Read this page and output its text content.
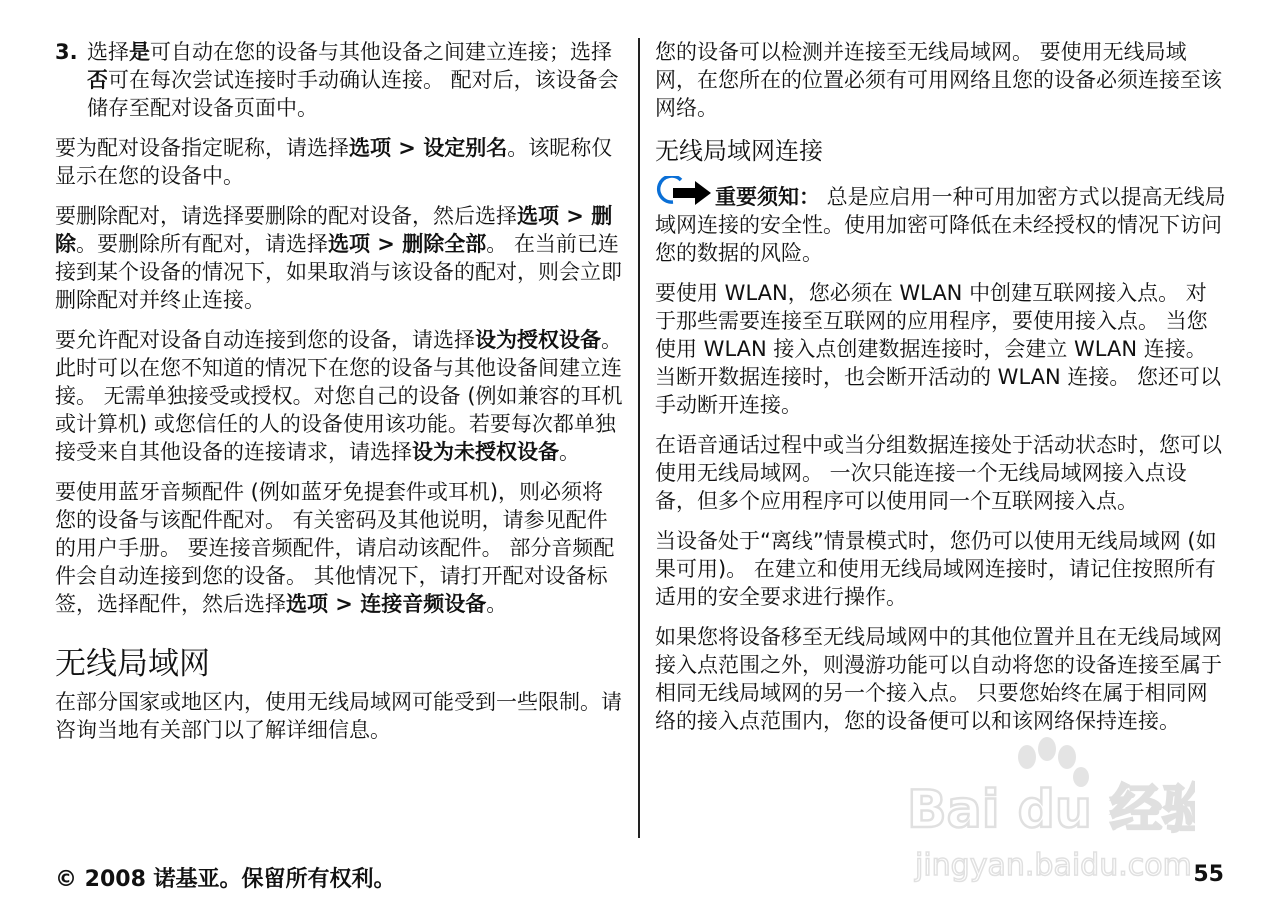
3. 选择是可自动在您的设备与其他设备之间建立连接；选择否可在每次尝试连接时手动确认连接。 配对后，该设备会储存至配对设备页面中。

要为配对设备指定昵称，请选择选项 > 设定别名。该昵称仅显示在您的设备中。

要删除配对，请选择要删除的配对设备，然后选择选项 > 删除。要删除所有配对，请选择选项 > 删除全部。 在当前已连接到某个设备的情况下，如果取消与该设备的配对，则会立即删除配对并终止连接。

要允许配对设备自动连接到您的设备，请选择设为授权设备。 此时可以在您不知道的情况下在您的设备与其他设备间建立连接。 无需单独接受或授权。对您自己的设备 (例如兼容的耳机或计算机) 或您信任的人的设备使用该功能。若要每次都单独接受来自其他设备的连接请求，请选择设为未授权设备。

要使用蓝牙音频配件 (例如蓝牙免提套件或耳机)，则必须将您的设备与该配件配对。 有关密码及其他说明，请参见配件的用户手册。 要连接音频配件，请启动该配件。 部分音频配件会自动连接到您的设备。 其他情况下，请打开配对设备标签，选择配件，然后选择选项 > 连接音频设备。

无线局域网

在部分国家或地区内，使用无线局域网可能受到一些限制。请咨询当地有关部门以了解详细信息。

您的设备可以检测并连接至无线局域网。 要使用无线局域网，在您所在的位置必须有可用网络且您的设备必须连接至该网络。

无线局域网连接

重要须知： 总是应启用一种可用加密方式以提高无线局域网连接的安全性。使用加密可降低在未经授权的情况下访问您的数据的风险。

要使用 WLAN，您必须在 WLAN 中创建互联网接入点。 对于那些需要连接至互联网的应用程序，要使用接入点。 当您使用 WLAN 接入点创建数据连接时，会建立 WLAN 连接。 当断开数据连接时，也会断开活动的 WLAN 连接。 您还可以手动断开连接。

在语音通话过程中或当分组数据连接处于活动状态时，您可以使用无线局域网。 一次只能连接一个无线局域网接入点设备，但多个应用程序可以使用同一个互联网接入点。

当设备处于“离线”情景模式时，您仍可以使用无线局域网 (如果可用)。 在建立和使用无线局域网连接时，请记住按照所有适用的安全要求进行操作。

如果您将设备移至无线局域网中的其他位置并且在无线局域网接入点范围之外，则漫游功能可以自动将您的设备连接至属于相同无线局域网的另一个接入点。 只要您始终在属于相同网络的接入点范围内，您的设备便可以和该网络保持连接。

Bai du 经验
jingyan.baidu.com
© 2008 诺基亚。保留所有权利。	55
